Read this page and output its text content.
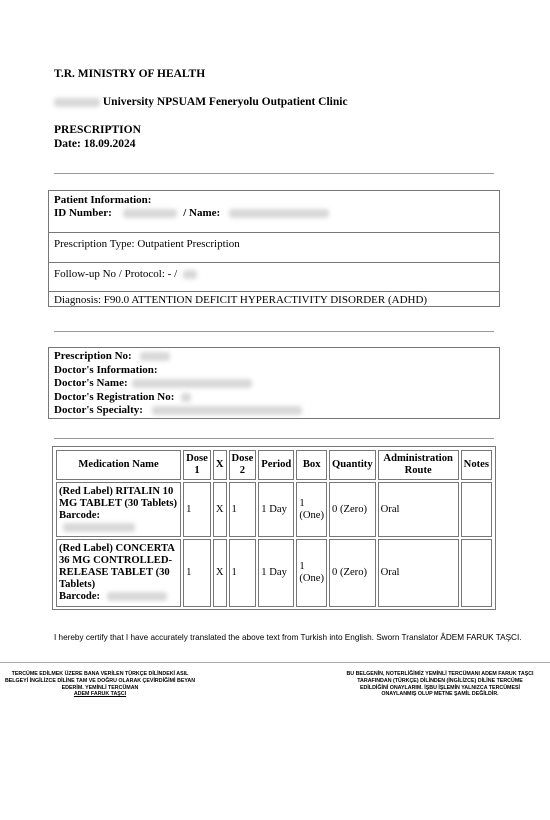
T.R. MINISTRY OF HEALTH
University NPSUAM Feneryolu Outpatient Clinic
PRESCRIPTION
Date: 18.09.2024
Patient Information:
ID Number:	/ Name:
Prescription Type: Outpatient Prescription
Follow-up No / Protocol: - /
Diagnosis: F90.0 ATTENTION DEFICIT HYPERACTIVITY DISORDER (ADHD)
Prescription No:
Doctor's Information:
Doctor's Name:
Doctor's Registration No:
Doctor's Specialty:
Medication Name	Dose 1	X	Dose 2	Period	Box	Quantity	Administration Route	Notes

(Red Label) RITALIN 10 MG TABLET (30 Tablets)
Barcode:	1	X	1	1 Day	1 (One)	0 (Zero)	Oral	

(Red Label) CONCERTA 36 MG CONTROLLED-RELEASE TABLET (30 Tablets)
Barcode:	1	X	1	1 Day	1 (One)	0 (Zero)	Oral	
I hereby certify that I have accurately translated the above text from Turkish into English. Sworn Translator ÂDEM FARUK TAŞCI.
TERCÜME EDİLMEK ÜZERE BANA VERİLEN TÜRKÇE DİLİNDEKİ ASIL
BELGEYİ İNGİLİZCE DİLİNE TAM VE DOĞRU OLARAK ÇEVİRDİĞİMİ BEYAN
EDERİM. YEMİNLİ TERCÜMAN
ADEM FARUK TAŞCI
BU BELGENİN, NOTERLİĞİMİZ YEMİNLİ TERCÜMANI ADEM FARUK TAŞCI
TARAFINDAN (TÜRKÇE) DİLİNDEN (İNGİLİZCE) DİLİNE TERCÜME
EDİLDİĞİNİ ONAYLARIM. İŞBU İŞLEMİN YALNIZCA TERCÜMESİ
ONAYLANMIŞ OLUP METNE ŞAMİL DEĞİLDİR.
